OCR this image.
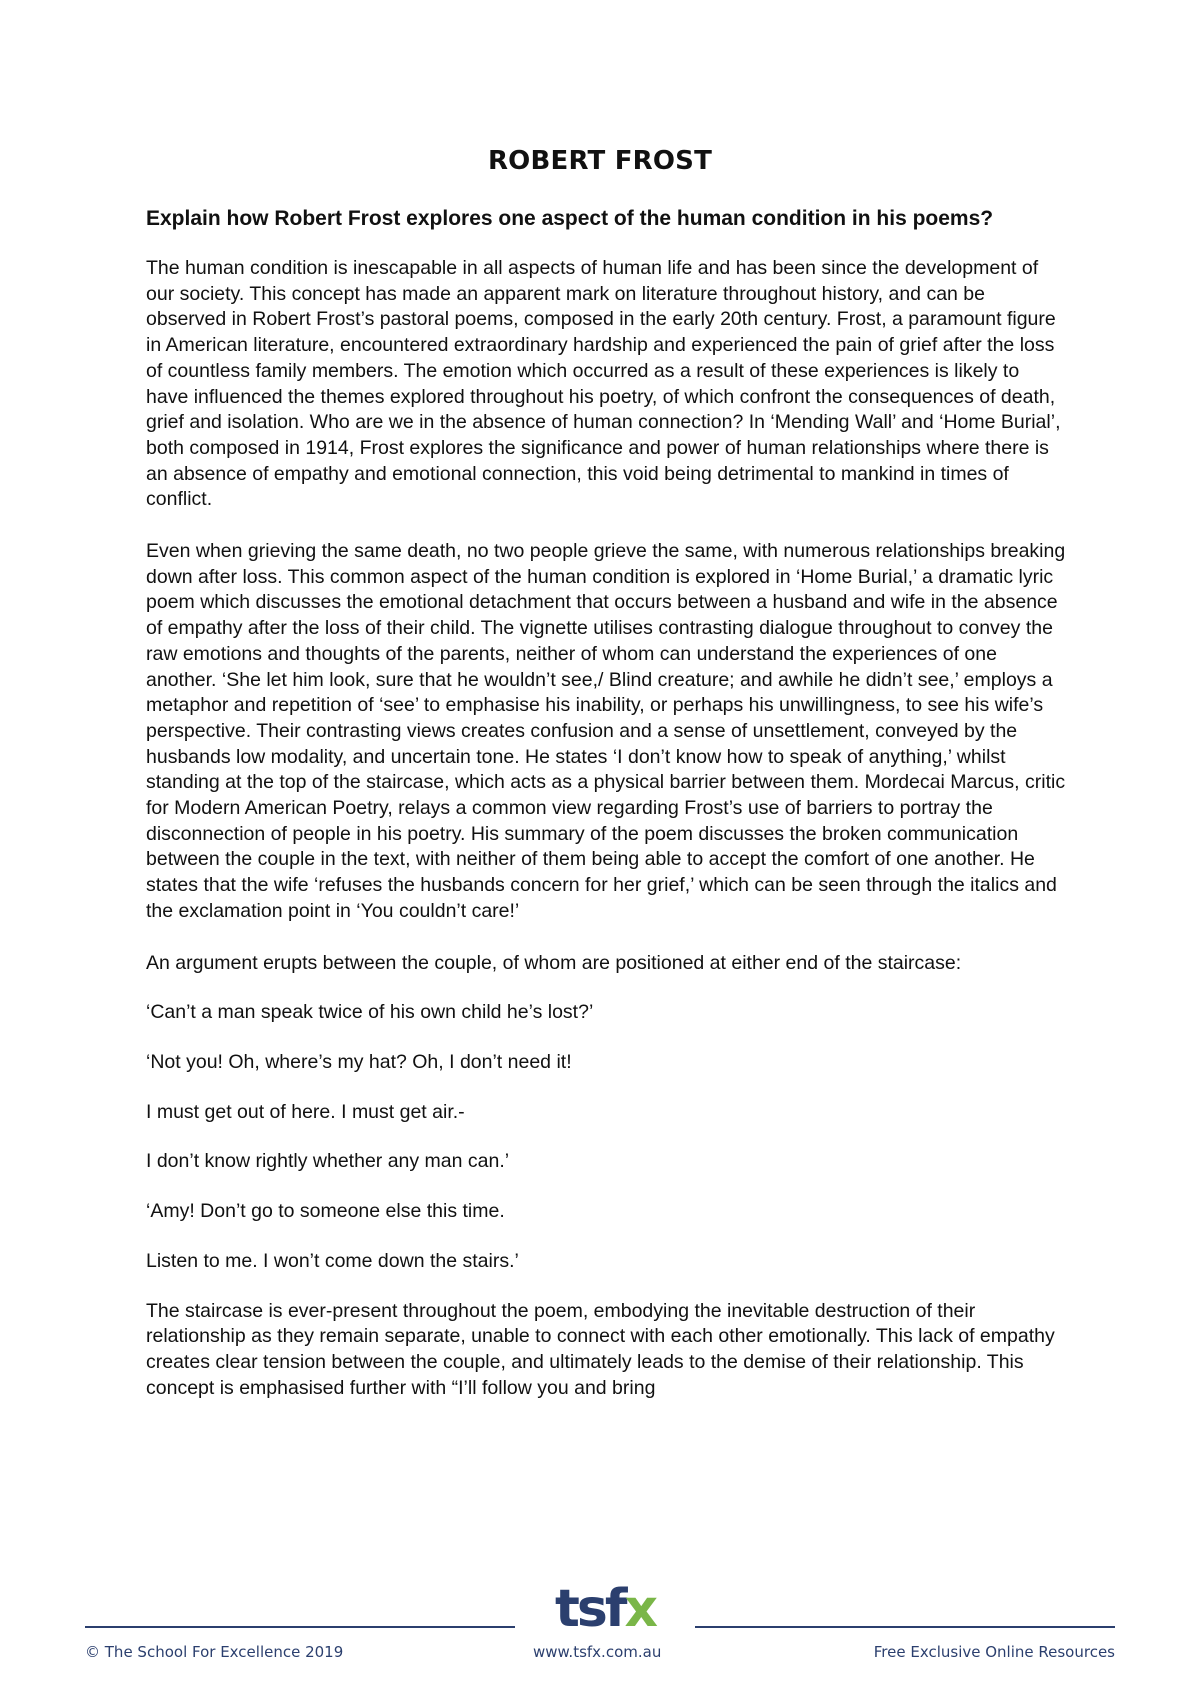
ROBERT FROST

Explain how Robert Frost explores one aspect of the human condition in his poems?

The human condition is inescapable in all aspects of human life and has been since the development of our society. This concept has made an apparent mark on literature throughout history, and can be observed in Robert Frost’s pastoral poems, composed in the early 20th century. Frost, a paramount figure in American literature, encountered extraordinary hardship and experienced the pain of grief after the loss of countless family members. The emotion which occurred as a result of these experiences is likely to have influenced the themes explored throughout his poetry, of which confront the consequences of death, grief and isolation. Who are we in the absence of human connection? In ‘Mending Wall’ and ‘Home Burial’, both composed in 1914, Frost explores the significance and power of human relationships where there is an absence of empathy and emotional connection, this void being detrimental to mankind in times of conflict.

Even when grieving the same death, no two people grieve the same, with numerous relationships breaking down after loss. This common aspect of the human condition is explored in ‘Home Burial,’ a dramatic lyric poem which discusses the emotional detachment that occurs between a husband and wife in the absence of empathy after the loss of their child. The vignette utilises contrasting dialogue throughout to convey the raw emotions and thoughts of the parents, neither of whom can understand the experiences of one another. ‘She let him look, sure that he wouldn’t see,/ Blind creature; and awhile he didn’t see,’ employs a metaphor and repetition of ‘see’ to emphasise his inability, or perhaps his unwillingness, to see his wife’s perspective. Their contrasting views creates confusion and a sense of unsettlement, conveyed by the husbands low modality, and uncertain tone. He states ‘I don’t know how to speak of anything,’ whilst standing at the top of the staircase, which acts as a physical barrier between them. Mordecai Marcus, critic for Modern American Poetry, relays a common view regarding Frost’s use of barriers to portray the disconnection of people in his poetry. His summary of the poem discusses the broken communication between the couple in the text, with neither of them being able to accept the comfort of one another. He states that the wife ‘refuses the husbands concern for her grief,’ which can be seen through the italics and the exclamation point in ‘You couldn’t care!’

An argument erupts between the couple, of whom are positioned at either end of the staircase:

‘Can’t a man speak twice of his own child he’s lost?’

‘Not you! Oh, where’s my hat? Oh, I don’t need it!

I must get out of here. I must get air.-

I don’t know rightly whether any man can.’

‘Amy! Don’t go to someone else this time.

Listen to me. I won’t come down the stairs.’

The staircase is ever-present throughout the poem, embodying the inevitable destruction of their relationship as they remain separate, unable to connect with each other emotionally. This lack of empathy creates clear tension between the couple, and ultimately leads to the demise of their relationship. This concept is emphasised further with “I’ll follow you and bring

tsfx
© The School For Excellence 2019	www.tsfx.com.au	Free Exclusive Online Resources
